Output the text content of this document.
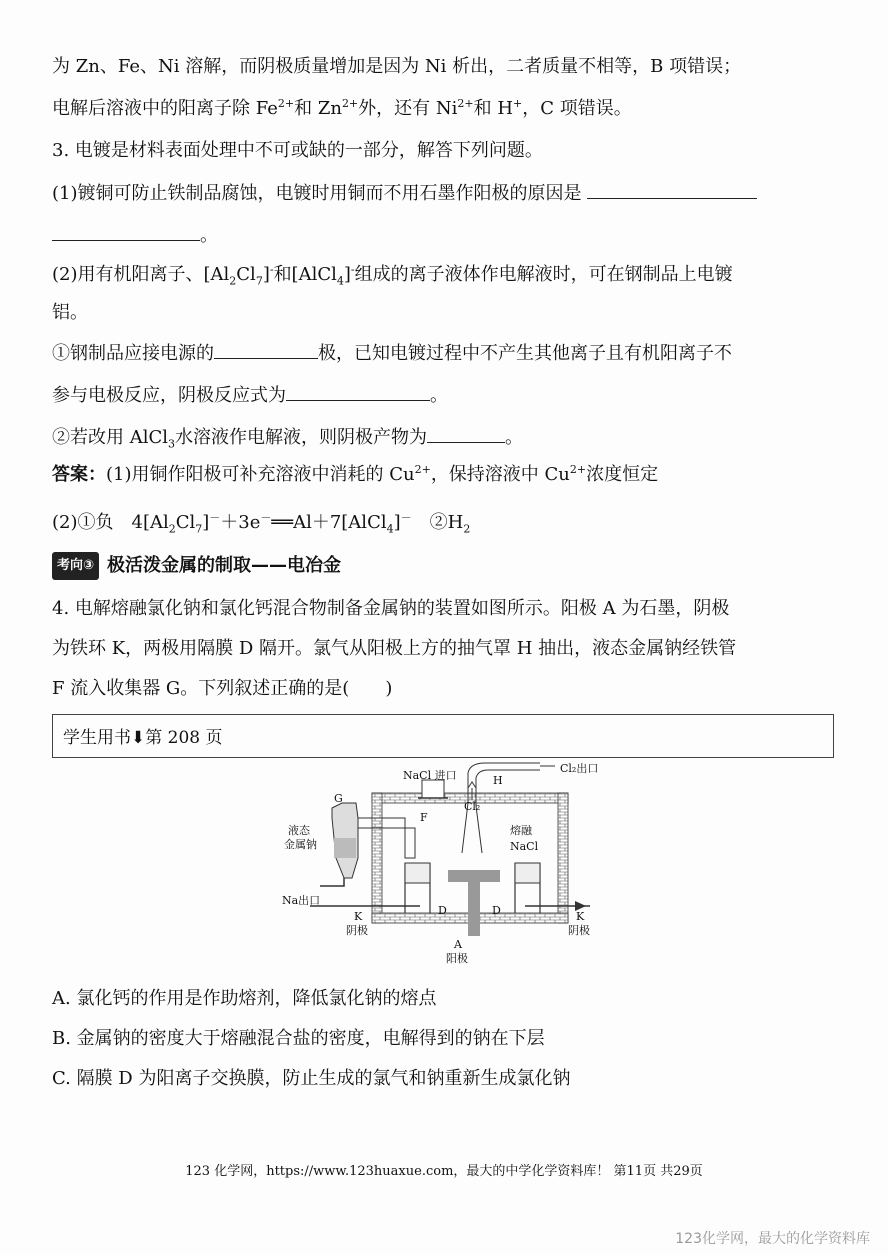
为 Zn、Fe、Ni 溶解，而阴极质量增加是因为 Ni 析出，二者质量不相等，B 项错误；
电解后溶液中的阳离子除 $Fe^{2+}$和 $Zn^{2+}$外，还有 $Ni^{2+}$和 H+，C 项错误。
3. 电镀是材料表面处理中不可或缺的一部分，解答下列问题。
(1)镀铜可防止铁制品腐蚀，电镀时用铜而不用石墨作阳极的原因是
。
(2)用有机阳离子、$[Al_2Cl_7]^-$和[AlCl$_4$]-组成的离子液体作电解液时，可在钢制品上电镀
铝。
①钢制品应接电源的	极，已知电镀过程中不产生其他离子且有机阳离子不
参与电极反应，阴极反应式为	。
②若改用 AlCl$_3$水溶液作电解液，则阴极产物为	。
答案：(1)用铜作阳极可补充溶液中消耗的 $Cu^{2+}$，保持溶液中 $Cu^{2+}$浓度恒定
(2)①负　$4[Al_2Cl_7]^-+3e^-══Al+7[AlCl_4]^-$　$②H_2$
考向③ 极活泼金属的制取——电冶金
4. 电解熔融氯化钠和氯化钙混合物制备金属钠的装置如图所示。阳极 A 为石墨，阴极
为铁环 K，两极用隔膜 D 隔开。氯气从阳极上方的抽气罩 H 抽出，液态金属钠经铁管
F 流入收集器 G。下列叙述正确的是(　　)
学生用书⬇第 208 页
NaCl 进口	H
Cl₂出口
Cl₂
G
液态
金属钠
F
熔融
NaCl
Na出口
K
阴极
D	D	K
阴极
A
阳极
A. 氯化钙的作用是作助熔剂，降低氯化钠的熔点
B. 金属钠的密度大于熔融混合盐的密度，电解得到的钠在下层
C. 隔膜 D 为阳离子交换膜，防止生成的氯气和钠重新生成氯化钠
123 化学网，https://www.123huaxue.com，最大的中学化学资料库！ 第11页 共29页
123化学网，最大的化学资料库
